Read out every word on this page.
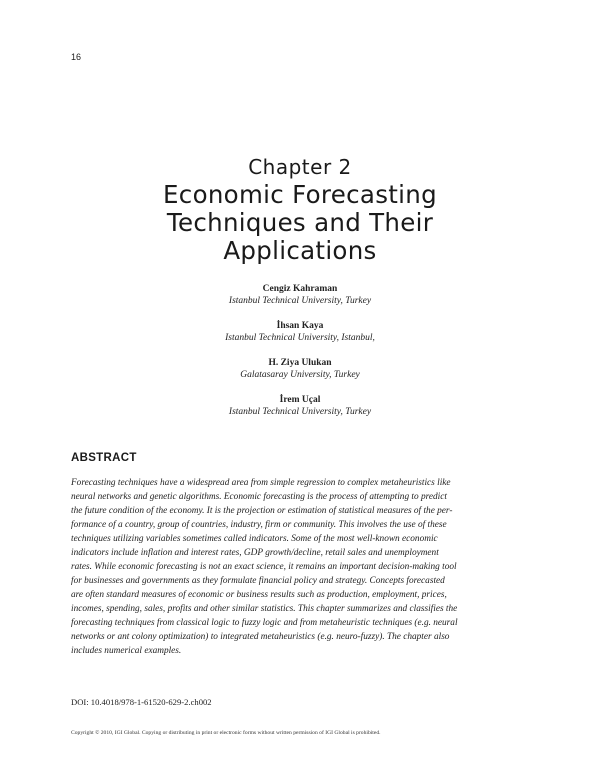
16
Chapter 2
Economic Forecasting
Techniques and Their
Applications
Cengiz Kahraman
Istanbul Technical University, Turkey
İhsan Kaya
Istanbul Technical University, Istanbul,
H. Ziya Ulukan
Galatasaray University, Turkey
İrem Uçal
Istanbul Technical University, Turkey
ABSTRACT
Forecasting techniques have a widespread area from simple regression to complex metaheuristics like
neural networks and genetic algorithms. Economic forecasting is the process of attempting to predict
the future condition of the economy. It is the projection or estimation of statistical measures of the per-
formance of a country, group of countries, industry, firm or community. This involves the use of these
techniques utilizing variables sometimes called indicators. Some of the most well-known economic
indicators include inflation and interest rates, GDP growth/decline, retail sales and unemployment
rates. While economic forecasting is not an exact science, it remains an important decision-making tool
for businesses and governments as they formulate financial policy and strategy. Concepts forecasted
are often standard measures of economic or business results such as production, employment, prices,
incomes, spending, sales, profits and other similar statistics. This chapter summarizes and classifies the
forecasting techniques from classical logic to fuzzy logic and from metaheuristic techniques (e.g. neural
networks or ant colony optimization) to integrated metaheuristics (e.g. neuro-fuzzy). The chapter also
includes numerical examples.
DOI: 10.4018/978-1-61520-629-2.ch002
Copyright © 2010, IGI Global. Copying or distributing in print or electronic forms without written permission of IGI Global is prohibited.
